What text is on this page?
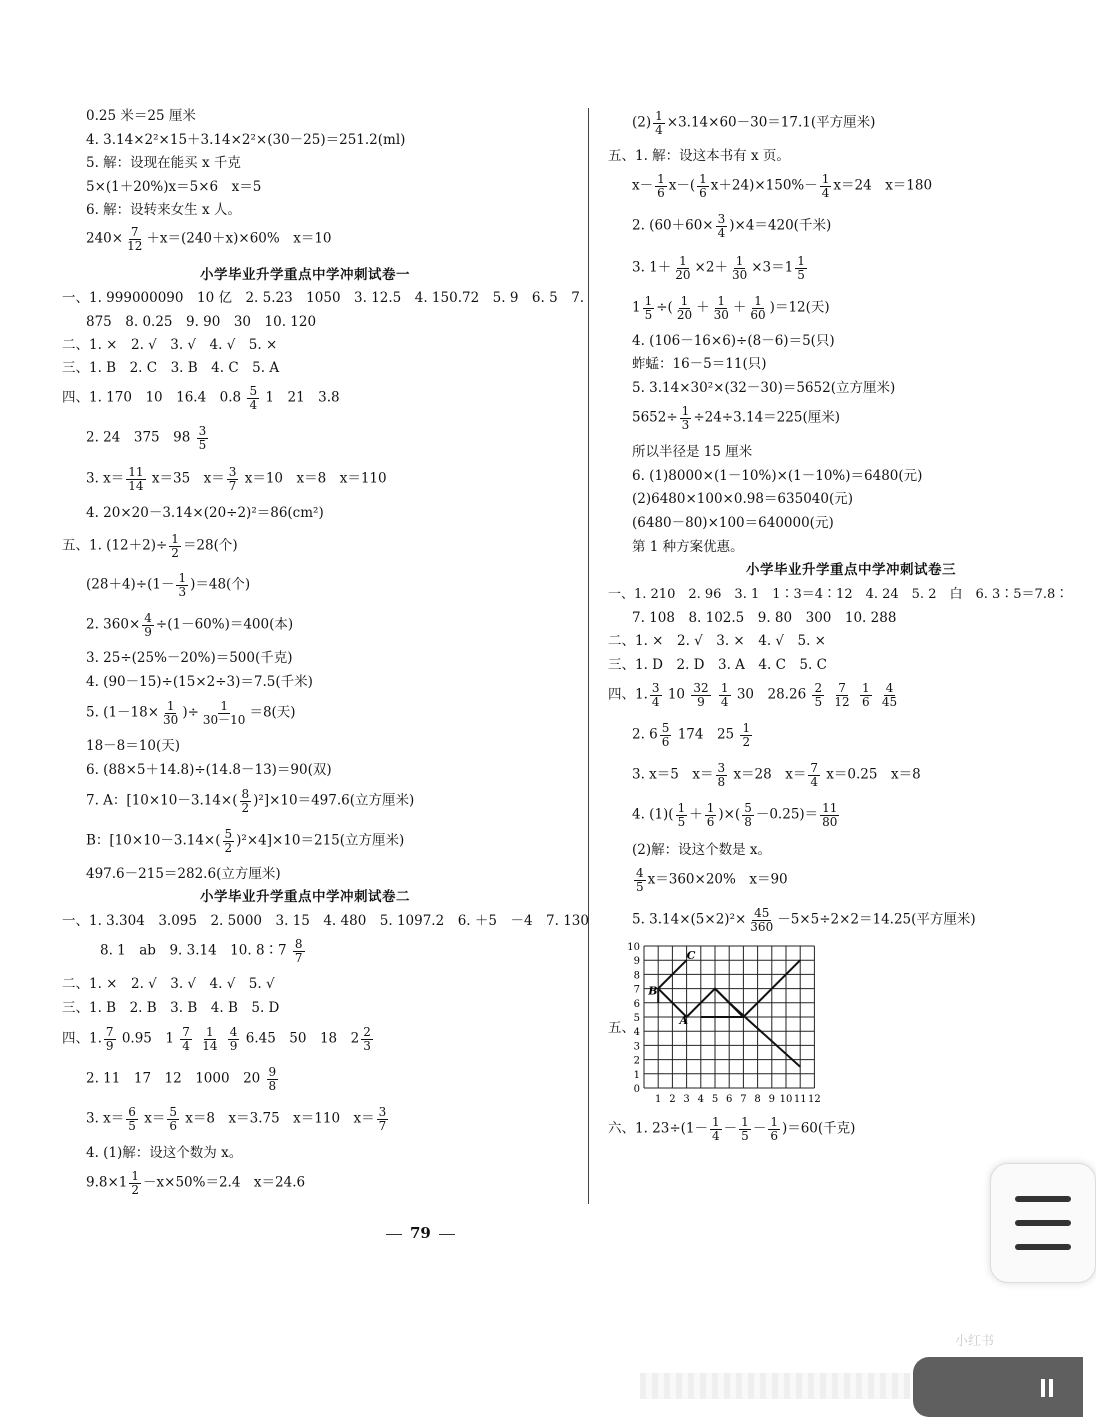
0.25 米＝25 厘米
4. 3.14×2²×15＋3.14×2²×(30－25)＝251.2(ml)
5. 解：设现在能买 x 千克
5×(1＋20%)x＝5×6　x＝5
6. 解：设转来女生 x 人。
$240\times \frac{7}{12} +x=(240+x)\times 60\%$　x＝10
小学毕业升学重点中学冲刺试卷一
一、1. 999000090　10 亿　2. 5.23　1050　3. 12.5　4. 150.72　5. 9　6. 5　7.
875　8. 0.25　9. 90　30　10. 120
二、1. ×　2. √　3. √　4. √　5. ×
三、1. B　2. C　3. B　4. C　5. A
四、1. 170　10　16.4　$0.8 \frac{5}{4} 1$　21　3.8
2. 24　375　$98 \frac{3}{5}$
3. $x= \frac{11}{14} x=35$　$x= \frac{3}{7} x=10$　x＝8　x＝110
4. 20×20－3.14×(20÷2)²＝86(cm²)
五、1. $(12+2)\div \frac{1}{2} =28$(个)
$(28+4)\div(1- \frac{1}{3} )=48$(个)
2. $360\times \frac{4}{9} \div(1-60\%)=400$(本)
3. 25÷(25%－20%)＝500(千克)
4. (90－15)÷(15×2÷3)＝7.5(千米)
5. ($1-18\times \frac{1}{30}$ )÷ $\frac{1}{30-10} =8$(天)
18－8＝10(天)
6. (88×5＋14.8)÷(14.8－13)＝90(双)
7. A：$[10\times 10-3.14\times( \frac{8}{2} )^2]\times 10=497.6$(立方厘米)
B：$[10\times 10-3.14\times( \frac{5}{2} )^2\times 4]\times 10=215$(立方厘米)
497.6－215＝282.6(立方厘米)
小学毕业升学重点中学冲刺试卷二
一、1. 3.304　3.095　2. 5000　3. 15　4. 480　5. 1097.2　6. ＋5　－4　7. 130
8. 1　ab　9. 3.14　10. 8∶7 $\frac{8}{7}$
二、1. ×　2. √　3. √　4. √　5. √
三、1. B　2. B　3. B　4. B　5. D
四、1. $\frac{7}{9} 0.95$　$1 \frac{7}{4}$
$\frac{1}{14}$
$\frac{4}{9} 6.45$　50　18　$2 \frac{2}{3}$
2. 11　17　12　1000　$20 \frac{9}{8}$
3. $x= \frac{6}{5} x= \frac{5}{6} x=8$　x＝3.75　x＝110　$x= \frac{3}{7}$
4. (1)解：设这个数为 x。
$9.8\times 1 \frac{1}{2} -x\times 50\%=2.4$　x＝24.6
$(2) \frac{1}{4} \times 3.14\times 60-30=17.1$(平方厘米)
五、1. 解：设这本书有 x 页。
$x- \frac{1}{6} x-( \frac{1}{6} x+24)\times 150\%- \frac{1}{4} x=24$　x＝180
2. $(60+60\times \frac{3}{4} )\times 4=420$(千米)
3. $1+ \frac{1}{20} \times 2+ \frac{1}{30} \times 3=1 \frac{1}{5}$
$1 \frac{1}{5}$ ÷( $\frac{1}{20} + \frac{1}{30} + \frac{1}{60} )=12$(天)
4. (106－16×6)÷(8－6)＝5(只)
蚱蜢：16－5＝11(只)
5. 3.14×30²×(32－30)＝5652(立方厘米)
$5652\div \frac{1}{3} \div 24\div 3.14=225$(厘米)
所以半径是 15 厘米
6. (1)8000×(1－10%)×(1－10%)＝6480(元)
(2)6480×100×0.98＝635040(元)
(6480－80)×100＝640000(元)
第 1 种方案优惠。
小学毕业升学重点中学冲刺试卷三
一、1. 210　2. 96　3. 1　1∶3＝4∶12　4. 24　5. 2　白　6. 3∶5＝7.8∶
7. 108　8. 102.5　9. 80　300　10. 288
二、1. ×　2. √　3. ×　4. √　5. ×
三、1. D　2. D　3. A　4. C　5. C
四、1. $\frac{3}{4} 10 \frac{32}{9}$
$\frac{1}{4} 30$　$28.26 \frac{2}{5}$
$\frac{7}{12}$
$\frac{1}{6}$
$\frac{4}{45}$
2. $6 \frac{5}{6} 174$　$25 \frac{1}{2}$
3. x＝5　$x= \frac{3}{8} x=28$　$x= \frac{7}{4} x=0.25$　x＝8
4. $(1)( \frac{1}{5} + \frac{1}{6}$ )×( $\frac{5}{8} -0.25)= \frac{11}{80}$
(2)解：设这个数是 x。
$\frac{4}{5} x=360\times 20\%$　x＝90
5. $3.14\times(5\times 2)^2\times \frac{45}{360} -5\times 5\div 2\times 2=14.25$(平方厘米)
五、
六、1. $23\div(1- \frac{1}{4} - \frac{1}{5} - \frac{1}{6} )=60$(千克)
0
1
2
3
4
5
6
7
8
9
10
1 2 3 4 5 6 7 8 9 10 11 12
A
B
C
79
小红书
